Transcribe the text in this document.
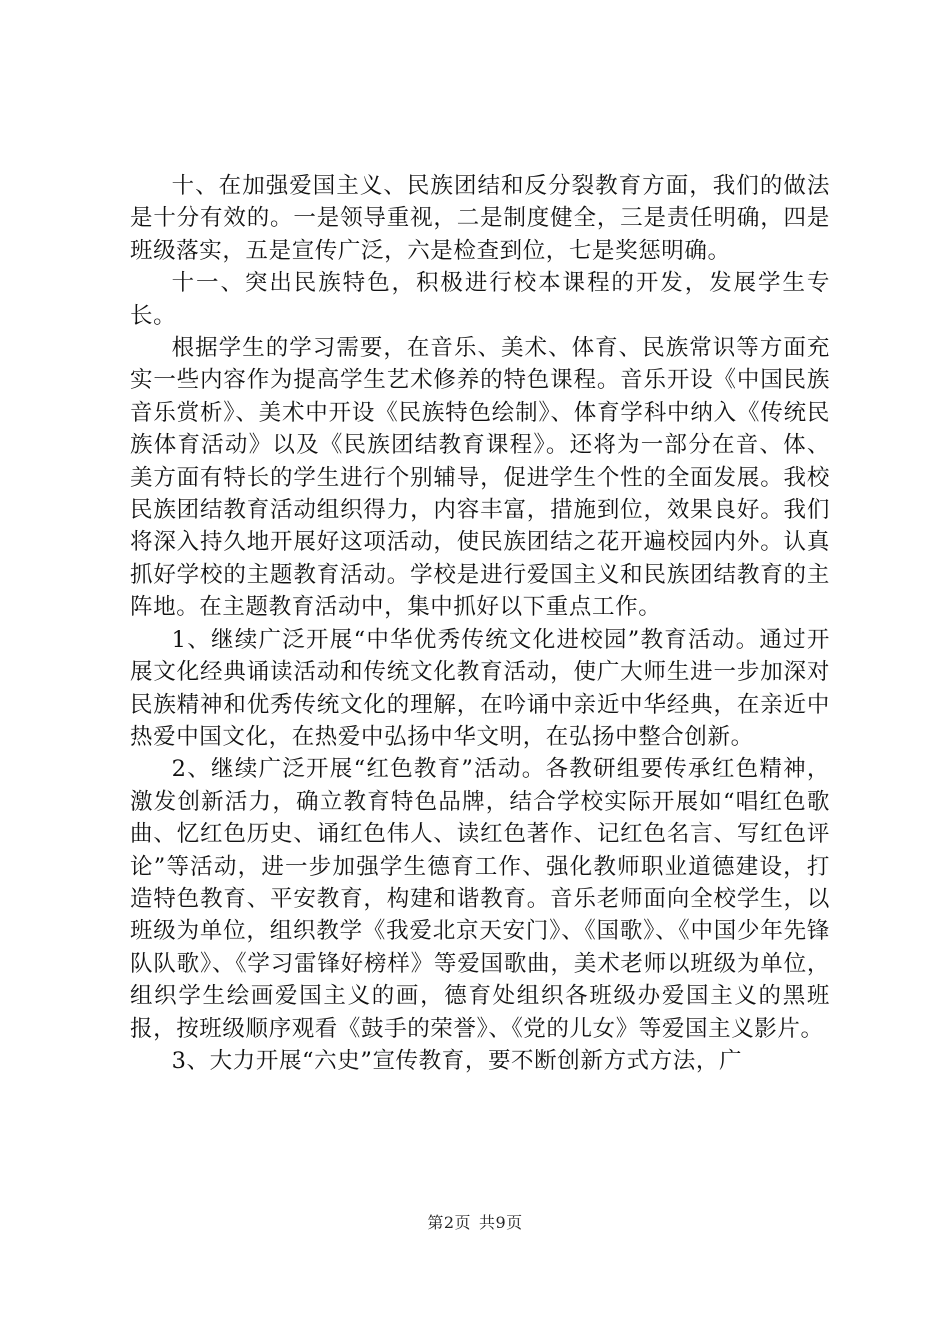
十、在加强爱国主义、民族团结和反分裂教育方面，我们的做法是十分有效的。一是领导重视，二是制度健全，三是责任明确，四是班级落实，五是宣传广泛，六是检查到位，七是奖惩明确。

十一、突出民族特色，积极进行校本课程的开发，发展学生专长。

根据学生的学习需要，在音乐、美术、体育、民族常识等方面充实一些内容作为提高学生艺术修养的特色课程。音乐开设《中国民族音乐赏析》、美术中开设《民族特色绘制》、体育学科中纳入《传统民族体育活动》以及《民族团结教育课程》。还将为一部分在音、体、美方面有特长的学生进行个别辅导，促进学生个性的全面发展。我校民族团结教育活动组织得力，内容丰富，措施到位，效果良好。我们将深入持久地开展好这项活动，使民族团结之花开遍校园内外。认真抓好学校的主题教育活动。学校是进行爱国主义和民族团结教育的主阵地。在主题教育活动中，集中抓好以下重点工作。

1、继续广泛开展“中华优秀传统文化进校园”教育活动。通过开展文化经典诵读活动和传统文化教育活动，使广大师生进一步加深对民族精神和优秀传统文化的理解，在吟诵中亲近中华经典，在亲近中热爱中国文化，在热爱中弘扬中华文明，在弘扬中整合创新。

2、继续广泛开展“红色教育”活动。各教研组要传承红色精神，激发创新活力，确立教育特色品牌，结合学校实际开展如“唱红色歌曲、忆红色历史、诵红色伟人、读红色著作、记红色名言、写红色评论”等活动，进一步加强学生德育工作、强化教师职业道德建设，打造特色教育、平安教育，构建和谐教育。音乐老师面向全校学生，以班级为单位，组织教学《我爱北京天安门》、《国歌》、《中国少年先锋队队歌》、《学习雷锋好榜样》等爱国歌曲，美术老师以班级为单位，组织学生绘画爱国主义的画，德育处组织各班级办爱国主义的黑班报，按班级顺序观看《鼓手的荣誉》、《党的儿女》等爱国主义影片。

3、大力开展“六史”宣传教育，要不断创新方式方法，广

第2页 共9页
